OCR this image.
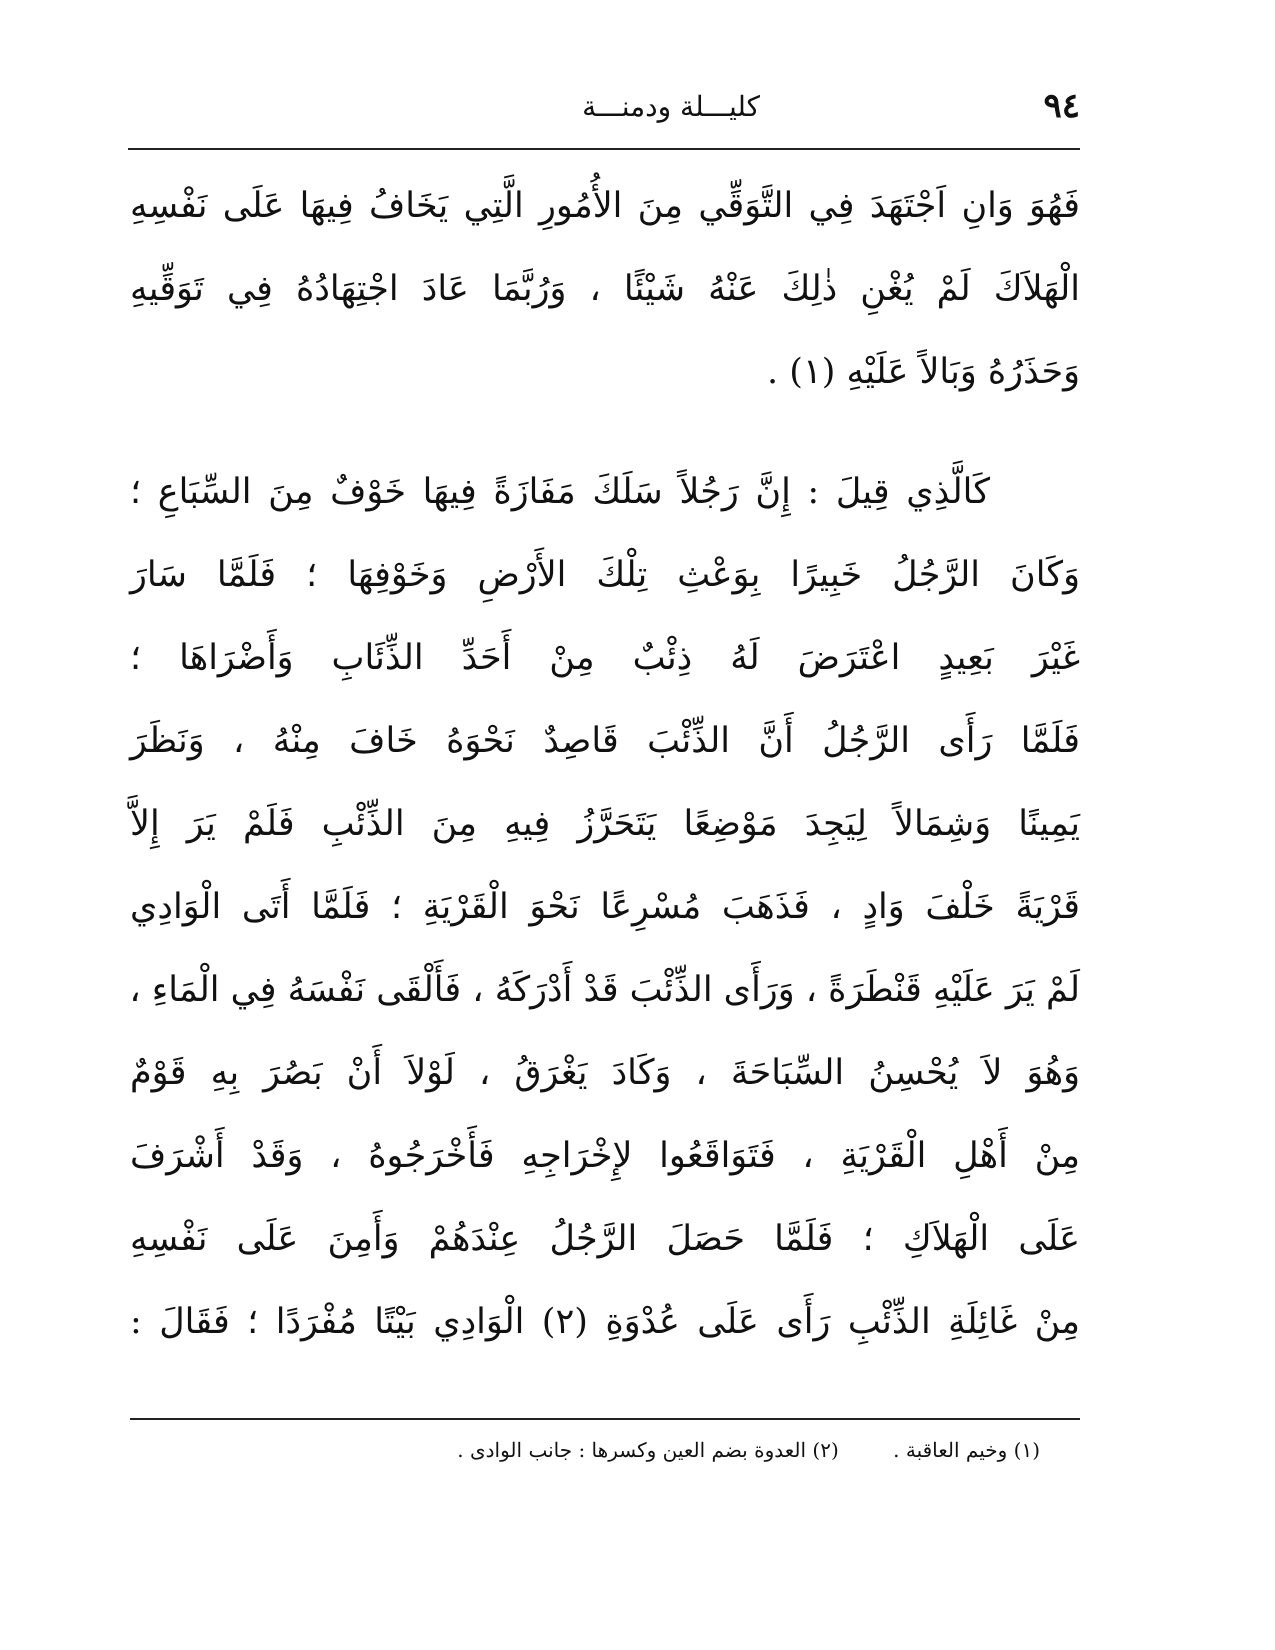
٩٤
كليـــلة ودمنـــة
فَهُوَ وَانِ اَجْتَهَدَ فِي التَّوَقِّي مِنَ الأُمُورِ الَّتِي يَخَافُ فِيهَا عَلَى نَفْسِهِ
الْهَلاَكَ لَمْ يُغْنِ ذٰلِكَ عَنْهُ شَيْئًا ، وَرُبَّمَا عَادَ اجْتِهَادُهُ فِي تَوَقِّيهِ
وَحَذَرُهُ وَبَالاً عَلَيْهِ (١) .
كَالَّذِي قِيلَ : إِنَّ رَجُلاً سَلَكَ مَفَازَةً فِيهَا خَوْفٌ مِنَ السِّبَاعِ ؛
وَكَانَ الرَّجُلُ خَبِيرًا بِوَعْثِ تِلْكَ الأَرْضِ وَخَوْفِهَا ؛ فَلَمَّا سَارَ
غَيْرَ بَعِيدٍ اعْتَرَضَ لَهُ ذِئْبٌ مِنْ أَحَدِّ الذِّئَابِ وَأَضْرَاهَا ؛
فَلَمَّا رَأَى الرَّجُلُ أَنَّ الذِّئْبَ قَاصِدٌ نَحْوَهُ خَافَ مِنْهُ ، وَنَظَرَ
يَمِينًا وَشِمَالاً لِيَجِدَ مَوْضِعًا يَتَحَرَّزُ فِيهِ مِنَ الذِّئْبِ فَلَمْ يَرَ إِلاَّ
قَرْيَةً خَلْفَ وَادٍ ، فَذَهَبَ مُسْرِعًا نَحْوَ الْقَرْيَةِ ؛ فَلَمَّا أَتَى الْوَادِي
لَمْ يَرَ عَلَيْهِ قَنْطَرَةً ، وَرَأَى الذِّئْبَ قَدْ أَدْرَكَهُ ، فَأَلْقَى نَفْسَهُ فِي الْمَاءِ ،
وَهُوَ لاَ يُحْسِنُ السِّبَاحَةَ ، وَكَادَ يَغْرَقُ ، لَوْلاَ أَنْ بَصُرَ بِهِ قَوْمٌ
مِنْ أَهْلِ الْقَرْيَةِ ، فَتَوَاقَعُوا لإِخْرَاجِهِ فَأَخْرَجُوهُ ، وَقَدْ أَشْرَفَ
عَلَى الْهَلاَكِ ؛ فَلَمَّا حَصَلَ الرَّجُلُ عِنْدَهُمْ وَأَمِنَ عَلَى نَفْسِهِ
مِنْ غَائِلَةِ الذِّئْبِ رَأَى عَلَى عُدْوَةِ (٢) الْوَادِي بَيْتًا مُفْرَدًا ؛ فَقَالَ :
(١) وخيم العاقبة . (٢) العدوة بضم العين وكسرها : جانب الوادى .
